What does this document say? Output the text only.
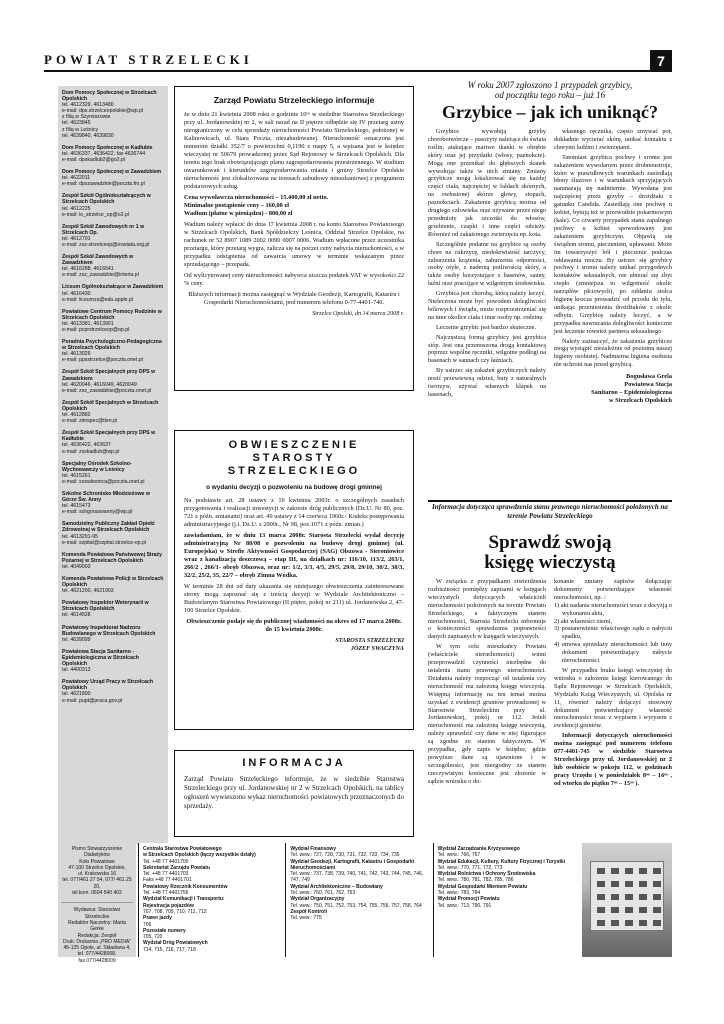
POWIAT STRZELECKI	7
Dom Pomocy Społecznej w Strzelcach Opolskich
tel. 4612329, 4613480
e-mail: dps.strzelceopolskie@wp.pl
z filią w Szymiszowie
tel. 4623845
z filią w Leśnicy
tel. 4639840, 4639830
Dom Pomocy Społecznej w Kadłubie
tel. 4636337, 4636422, fax 4636744
e-mail: dpskadlub2@go2.pl
Dom Pomocy Społecznej w Zawadzkiem
tel. 4622011
e-mail: dpszawadzkie@poczta.fm.pl
Zespół Szkół Ogólnokształcących w Strzelcach Opolskich
tel. 4612225
e-mail: lo_strzelce_op@o2.pl
Zespół Szkół Zawodowych nr 1 w Strzelcach Op.
tel. 4612701
e-mail: zsz-strzelceop@oswiata.org.pl
Zespół Szkół Zawodowych w Zawadzkiem
tel. 4616288, 4616541
e-mail: zsz_zawadzkie@interia.pl
Liceum Ogólnokształcące w Zawadzkiem
tel. 4616430
e-mail: liceumza@edu.apple.pl
Powiatowe Centrum Pomocy Rodzinie w Strzelcach Opolskich
tel. 4613381, 4613901
e-mail: pcprstrzelceop@op.pl
Poradnia Psychologiczno-Pedagogiczna w Strzelcach Opolskich
tel. 4613026
e-mail: ppsstrzelce@poczta.onet.pl
Zespół Szkół Specjalnych przy DPS w Zawadzkiem
tel. 4620046, 4616049, 4620049
e-mail: zss_zawadzkie@poczta.onet.pl
Zespół Szkół Specjalnych w Strzelcach Opolskich
tel. 4612882
e-mail: zimspec@tlen.pl
Zespół Szkół Specjalnych przy DPS w Kadłubie
tel. 4636422, 463637
e-mail: zsskadlub@wp.pl
Specjalny Ośrodek Szkolno-Wychowawczy w Leśnicy
tel. 4615261
e-mail: soswlesnica@poczta.onet.pl
Szkolne Schronisko Młodzieżowe w Górze Św. Anny
tel. 4615473
e-mail: sshgoraswanny@wp.pl
Samodzielny Publiczny Zakład Opieki Zdrowotnej w Strzelcach Opolskich
tel. 4613291-95
e-mail: szpital@szpital.strzelce-op.pl
Komenda Powiatowa Państwowej Straży Pożarnej w Strzelcach Opolskich
tel. 4049903
Komenda Powiatowa Policji w Strzelcach Opolskich
tel. 4621200, 4621903
Powiatowy Inspektor Weterynarii w Strzelcach Opolskich
tel. 4614528
Powiatowy Inspektorat Nadzoru Budowlanego w Strzelcach Opolskich
tel. 4639099
Powiatowa Stacja Sanitarno - Epidemiologiczna w Strzelcach Opolskich
tel. 4400313
Powiatowy Urząd Pracy w Strzelcach Opolskich
tel. 4621800
e-mail: pupt@praca.gov.pl
Zarząd Powiatu Strzeleckiego informuje

że w dniu 21 kwietnia 2008 roku o godzinie 10ᵒᵒ w siedzibie Starostwa Strzeleckiego przy ul. Jordanowskiej nr 2, w sali narad na II piętrze odbędzie się IV przetarg ustny nieograniczony w celu sprzedaży nieruchomości Powiatu Strzeleckiego, położonej w Kalinowicach, ul. Stara Poczta, niezabudowanej. Nieruchomość oznaczona jest numerem działki 352/7 o powierzchni 0,1190 z mapy 5, a wpisana jest w księdze wieczystej nr 50679 prowadzonej przez Sąd Rejonowy w Strzelcach Opolskich. Dla terenu tego brak obowiązującego planu zagospodarowania przestrzennego. W studium uwarunkowań i kierunków zagospodarowania miasta i gminy Strzelce Opolskie nieruchomość jest zlokalizowana na terenach zabudowy mieszkaniowej z programem podstawowych usług.

Cena wywoławcza nieruchomości – 15.400,00 zł netto.
Minimalne postąpienie ceny – 160,00 zł
Wadium (płatne w pieniądzu) - 800,00 zł

Wadium należy wpłacić do dnia 17 kwietnia 2008 r. na konto Starostwa Powiatowego w Strzelcach Opolskich, Bank Spółdzielczy Leśnica, Oddział Strzelce Opolskie, na rachunek nr 52 8907 1089 2002 0090 0007 0006. Wadium wpłacone przez uczestnika przetargu, który przetarg wygra, zalicza się na poczet ceny nabycia nieruchomości, a w przypadku odstąpienia od zawarcia umowy w terminie wskazanym przez sprzedającego – przepada.

Od wylicytowanej ceny nieruchomości nabywca uiszcza podatek VAT w wysokości 22 % ceny.

Bliższych informacji można zasięgnąć w Wydziale Geodezji, Kartografii, Katastru i Gospodarki Nieruchomościami, pod numerem telefonu 0-77-4401-740.

Strzelce Opolski, dn.14 marca 2008 r.
OBWIESZCZENIE
STAROSTY STRZELECKIEGO
o wydaniu decyzji o pozwoleniu na budowę drogi gminnej

Na podstawie art. 28 ustawy z 10 kwietnia 2003r. o szczególnych zasadach przygotowania i realizacji inwestycji w zakresie dróg publicznych (Dz.U. Nr 80, poz. 721 z późn. zmianami) oraz art. 49 ustawy z 14 czerwca 1960r.- Kodeks postępowania administracyjnego (j.t. Dz.U. z 2000r., Nr 98, poz.1071 z późn. zmian.)

zawiadamiam, że w dniu 13 marca 2008r. Starosta Strzelecki wydał decyzję administracyjną Nr 80/08 o pozwoleniu na budowę drogi gminnej (ul. Europejska) w Strefie Aktywności Gospodarczej (SAG) Olszowa - Sieroniowice wraz z kanalizacją deszczową – etap III, na działkach nr: 116/10, 113/2, 263/1, 266/2 , 266/1- obręb Olszowa, oraz nr: 1/2, 3/3, 4/5, 29/5, 29/8, 29/10, 30/2, 30/3, 32/2, 25/2, 35, 22/7 – obręb Zimna Wódka.

W terminie 28 dni od daty ukazania się niniejszego obwieszczenia zainteresowane strony mogą zapoznać się z treścią decyzji w Wydziale Architektoniczno – Budowlanym Starostwa Powiatowego (II piętro, pokój nr 211) ul. Jordanowska 2, 47-100 Strzelce Opolskie.

Obwieszczenie podaje się do publicznej wiadomości na okres od 17 marca 2008r. do 15 kwietnia 2008r.

STAROSTA STRZELECKI
JÓZEF SWACZYNA
INFORMACJA
Zarząd Powiatu Strzeleckiego informuje, że w siedzibie Starostwa Strzeleckiego przy ul. Jordanowskiej nr 2 w Strzelcach Opolskich, na tablicy ogłoszeń wywieszono wykaz nieruchomości powiatowych przeznaczonych do sprzedaży.
W roku 2007 zgłoszono 1 przypadek grzybicy,
od początku tego roku – już 16
Grzybice – jak ich uniknąć?

Grzybice wywołują grzyby chorobotwórcze – pasożyty należące do świata roślin, atakujące martwe tkanki w obrębie skóry oraz jej przydatki (włosy, paznokcie). Mogą one przenikać do głębszych tkanek wywołując także w nich zmiany. Zmiany grzybicze mogą lokalizować się na każdej części ciała, najczęściej w fałdach skórnych, na owłosionej skórze głowy, stopach, paznokciach. Zakażenie grzybicą można od drugiego człowieka oraz używane przez niego przedmioty jak szczotki do włosów, grzebienie, czapki i inne części odzieży. Również od zakażonego zwierzęcia np. kota.

Szczególnie podatne na grzybice są osoby chore na cukrzycę, niedokrwistość tarczycy, zaburzenia krążenia, zaburzenia odporności, osoby otyłe, z naderną potliwością skóry, a także osoby korzystające z basenów, sauny, łaźni oraz pracujące w wilgotnym środowisku.

Grzybica jest chorobą, którą należy leczyć. Nieleczona może być powodem dolegliwości bólowych i świądu, może rozprzestrzeniać się na inne okolice ciała i inne osoby np. rodzinę.

Leczenie grzybic jest bardzo skuteczne.

Najczęstszą formą grzybicy jest grzybica stóp. Jest ona przenoszona drogą kontaktową poprzez wspólne ręczniki, wilgotne podłogi na basenach w saunach czy łaźniach.

By ustrzec się zakażeń grzybiczych należy nosić przewiewną odzież, buty z naturalnych tworzyw, używać własnych klapek na basenach,

własnego ręcznika, często zmywać pot, dokładnie wycierać skórę, unikać kontaktu z chorymi ludźmi i zwierzętami.

Tatomiast grzybica pochwy i sromu jest zakażeniem wywołanym przez drobnoustroje, które w prawidłowych warunkach zasiedlają błony śluzowe i w warunkach sprzyjających namnażają się nadmiernie. Wywołana jest najczęściej przez grzyby – drożdżaki z gatunku Candida. Zasiedlają one pochwę u kobiet, bytują też w przewodzie pokarmowym (kale). Co czwarty przypadek stanu zapalnego pochwy u kobiet spowodowany jest zakażeniem grzybiczym. Objawią się świądem sromu, pieczeniem, upławami. Może im towarzyszyć ból i pieczenie podczas oddawania moczu. By ustrzec się grzybicy pochwy i sromu należy unikać przygodnych kontaktów seksualnych, nie ubierać się zbyt ciepło (zmniejsza to wilgotność okolic narządów płciowych), po oddaniu stolca higienę krocza prowadzić od przodu do tyłu, unikając przeniesienia drożdżaków z okolic odbytu. Grzybicę należy leczyć, a w przypadku nawracania dolegliwości konieczne jest leczenie również partnera seksualnego.

Należy zaznaczyć, że zakażenia grzybicze mogą wystąpić niezależnie od poziomu naszej higieny osobistej. Nadmierna higiena osobista nie uchroni nas przed grzybicą.

Bogusława Grela
Powiatowa Stacja
Sanitarno – Epidemiologiczna
w Strzelcach Opolskich
Informacja dotycząca sprawdzenia stanu prawnego nieruchomości położonych na terenie Powiatu Strzeleckiego
Sprawdź swoją
księgę wieczystą

W związku z przypadkami stwierdzenia rozbieżności pomiędzy zapisami w księgach wieczystych dotyczących właścicieli nieruchomości położonych na terenie Powiatu Strzeleckiego, a faktycznym stanem nieruchomości, Starosta Strzelecki informuje o konieczności sprawdzenia poprawności danych zapisanych w księgach wieczystych.

W tym celu mieszkańcy Powiatu (właściciele nieruchomości) winni przeprowadzić czynności niezbędne do ustalenia stanu prawnego nieruchomości. Działania należy rozpocząć od ustalenia czy nieruchomość ma założoną księgę wieczystą. Wstępną informację na ten temat można uzyskać z ewidencji gruntów prowadzonej w Starostwie Strzeleckim przy ul. Jordanowskiej, pokój nr 112. Jeżeli nieruchomość ma założoną księgę wieczystą, należy sprawdzić czy dane w niej figurujące są zgodne ze stanem faktycznym. W przypadku, gdy zapis w księdze, gdzie powyższe dane są ujawnione i w szczególności, jest niezgodny ze stanem rzeczywistym konieczne jest złożenie w sądzie wniosku o do-

konanie zmiany zapisów dołączając dokumenty potwierdzające własność nieruchomości, np. :
1) akt nadania nieruchomości wraz z decyzją o wykonaniu aktu,
2) akt własności ziemi,
3) postanowienie właściwego sądu o nabyciu spadku,
4) umowa sprzedaży nieruchomości lub inny dokument potwierdzający nabycie nieruchomości.

W przypadku braku księgi wieczystej do wniosku o założenie księgi kierowanego do Sądu Rejonowego w Strzelcach Opolskich, Wydziału Ksiąg Wieczystych, ul. Opolska nr 11, również należy dołączyć stosowny dokument potwierdzający własność nieruchomości wraz z wypisem i wyrysem z ewidencji gruntów.

Informacji dotyczących nieruchomości można zasięgnąć pod numerem telefonu 077-4401-745 w siedzibie Starostwa Strzeleckiego przy ul. Jordanowskiej nr 2 lub osobiście w pokoju 112, w godzinach pracy Urzędu ( w poniedziałek 8ᵒᵒ – 16ᵒᵒ , od wtorku do piątku 7ᵒᵒ – 15ᵒᵒ ).

Pismo Stowarzyszenie Diabetyków
Koło Powiatowe
47-100 Strzelce Opolskie,
ul. Krakowska 16
tel. 077/461 27 54, 077/ 461 25 20,
tel.kom. 0604 540 402
Wydawca: Starostwo Strzeleckie
Redaktor Naczelny: Marta Gerke
Redakcja: Zespół
Druk: Drukarnia „PRO MEDIA"
45-125 Opole, ul. Składowa 4,
tel. 077/4428008,
fax 077/4428009
Centrala Starostwa Powiatowego
w Strzelcach Opolskich (łączy wszystkie działy)
Tel. +48 77 4401700
Sekretariat Zarządu Powiatu
Tel. +48 77 4401703
Faks +48 77 4401701
Powiatowy Rzecznik Konsumentów
Tel. +48 77 4401756
Wydział Komunikacji i Transportu:
Rejestracja pojazdów
707, 708, 709, 710, 711, 712
Prawo jazdy
706
Pozostałe numery
705, 720
Wydział Dróg Powiatowych
714, 715, 716, 717, 718
Wydział Finansowy
Tel. wew.: 727, 728, 730, 731, 732, 733, 734, 735
Wydział Geodezji, Kartografii, Katastru i Gospodarki Nieruchomościami
Tel. wew.: 737, 738, 739, 740, 741, 742, 743, 744, 745, 746, 747, 749
Wydział Architektoniczno – Budowlany
Tel. wew.: 760, 761, 762, 763
Wydział Organizacyjny
Tel. wew.: 750, 751, 752, 753, 754, 755, 756, 757, 758, 764
Zespół Kontroli
Tel. wew.: 775
Wydział Zarządzania Kryzysowego
Tel. wew.: 766, 767
Wydział Edukacji, Kultury, Kultury Fizycznej i Turystki
Tel. wew.: 770, 771, 772, 773
Wydział Rolnictwa i Ochrony Środowiska
Tel. wew.: 780, 781, 782, 785, 786
Wydział Gospodarki Mieniem Powiatu
Tel. wew.: 783, 784
Wydział Promocji Powiatu
Tel. wew.: 713, 790, 791
